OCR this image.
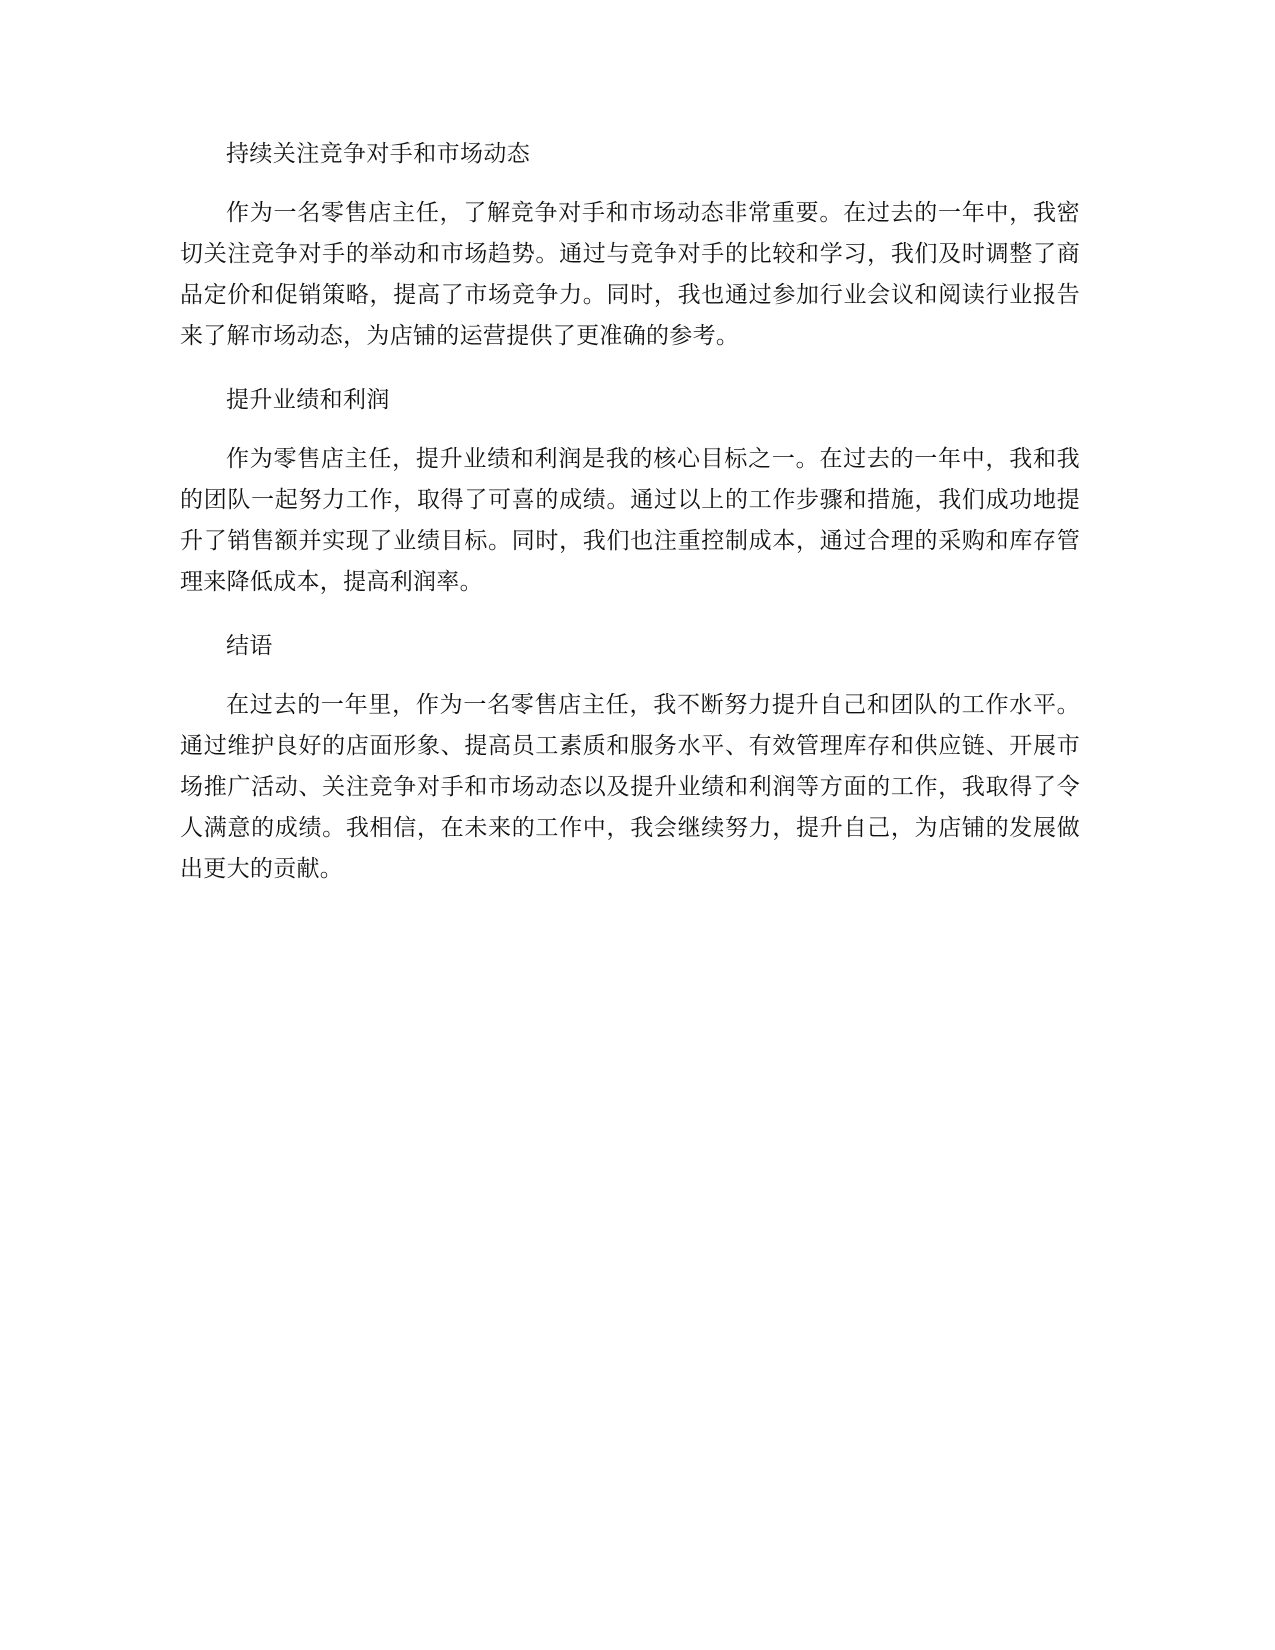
持续关注竞争对手和市场动态

作为一名零售店主任，了解竞争对手和市场动态非常重要。在过去的一年中，我密切关注竞争对手的举动和市场趋势。通过与竞争对手的比较和学习，我们及时调整了商品定价和促销策略，提高了市场竞争力。同时，我也通过参加行业会议和阅读行业报告来了解市场动态，为店铺的运营提供了更准确的参考。

提升业绩和利润

作为零售店主任，提升业绩和利润是我的核心目标之一。在过去的一年中，我和我的团队一起努力工作，取得了可喜的成绩。通过以上的工作步骤和措施，我们成功地提升了销售额并实现了业绩目标。同时，我们也注重控制成本，通过合理的采购和库存管理来降低成本，提高利润率。

结语

在过去的一年里，作为一名零售店主任，我不断努力提升自己和团队的工作水平。通过维护良好的店面形象、提高员工素质和服务水平、有效管理库存和供应链、开展市场推广活动、关注竞争对手和市场动态以及提升业绩和利润等方面的工作，我取得了令人满意的成绩。我相信，在未来的工作中，我会继续努力，提升自己，为店铺的发展做出更大的贡献。
